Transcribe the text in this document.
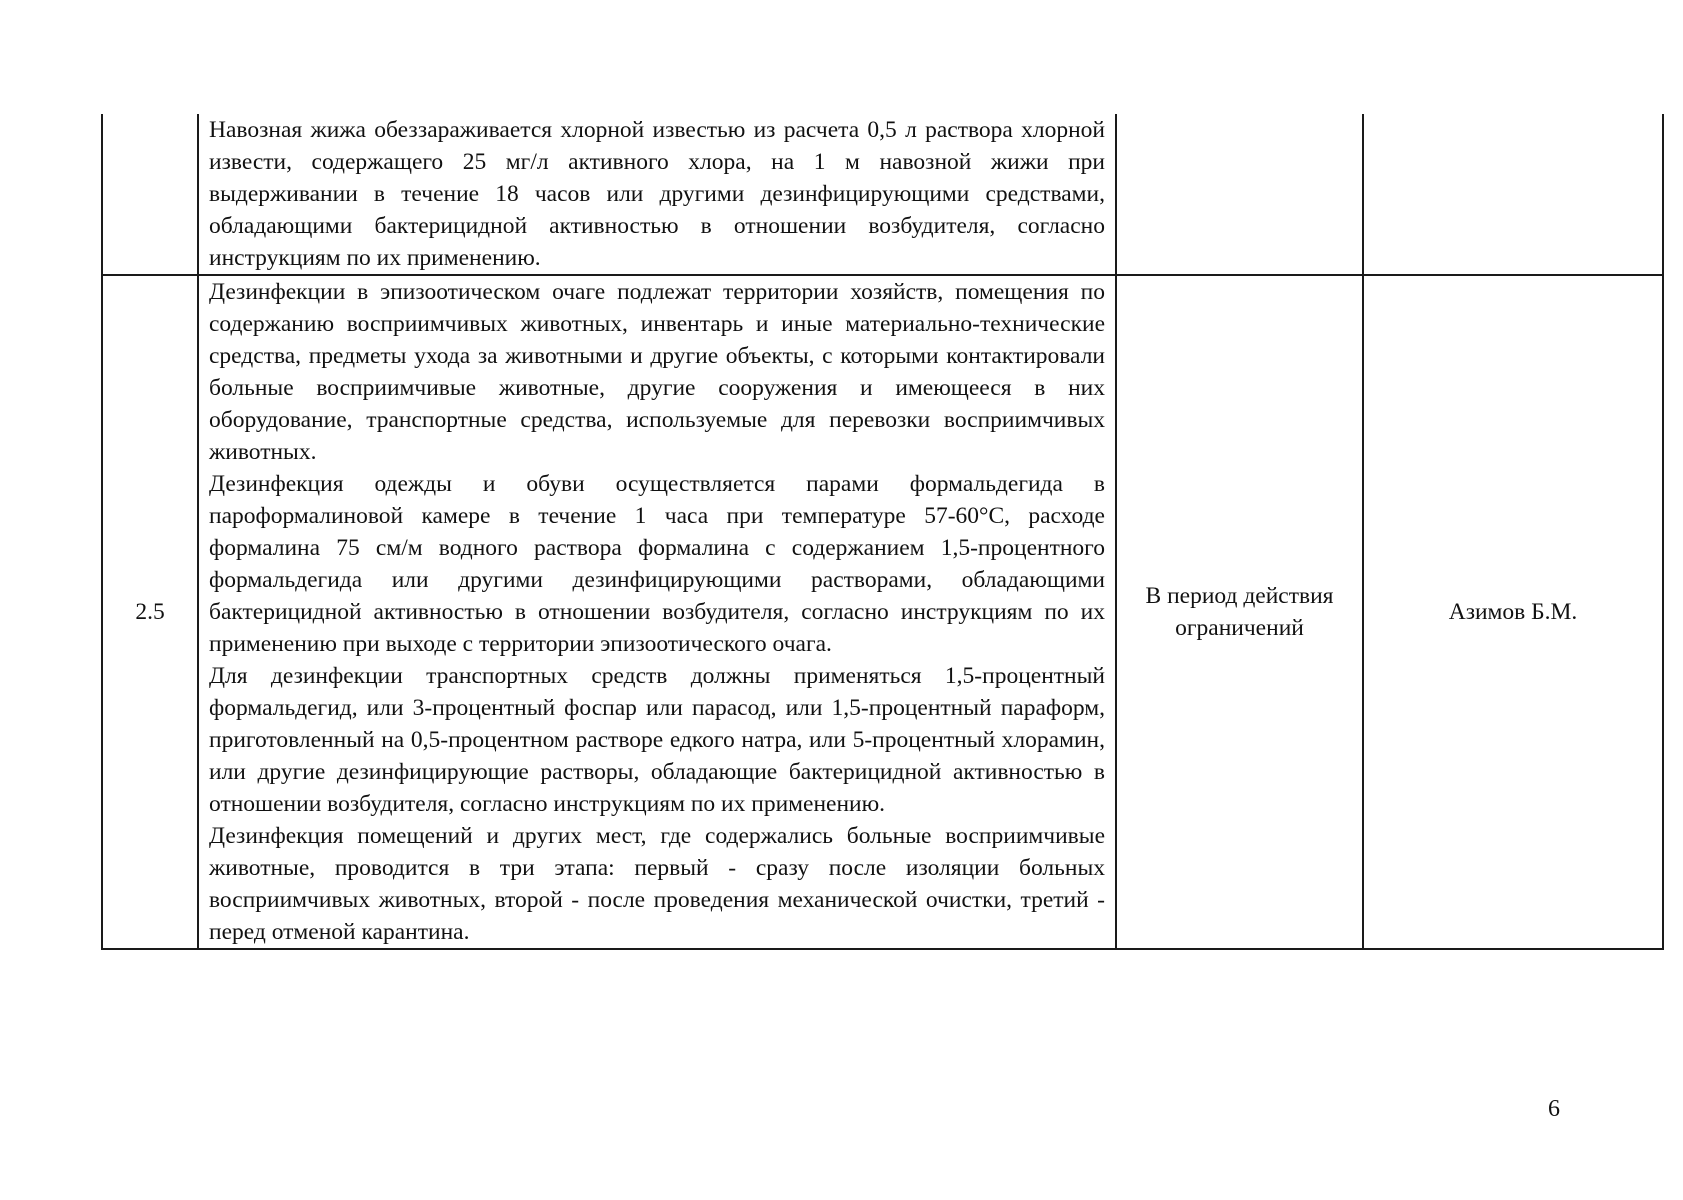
	Навозная жижа обеззараживается хлорной известью из расчета 0,5 л раствора хлорной извести, содержащего 25 мг/л активного хлора, на 1 м навозной жижи при выдерживании в течение 18 часов или другими дезинфицирующими средствами, обладающими бактерицидной активностью в отношении возбудителя, согласно инструкциям по их применению.		

2.5	Дезинфекции в эпизоотическом очаге подлежат территории хозяйств, помещения по содержанию восприимчивых животных, инвентарь и иные материально-технические средства, предметы ухода за животными и другие объекты, с которыми контактировали больные восприимчивые животные, другие сооружения и имеющееся в них оборудование, транспортные средства, используемые для перевозки восприимчивых животных.

Дезинфекция одежды и обуви осуществляется парами формальдегида в пароформалиновой камере в течение 1 часа при температуре 57-60°С, расходе формалина 75 см/м водного раствора формалина с содержанием 1,5-процентного формальдегида или другими дезинфицирующими растворами, обладающими бактерицидной активностью в отношении возбудителя, согласно инструкциям по их применению при выходе с территории эпизоотического очага.

Для дезинфекции транспортных средств должны применяться 1,5-процентный формальдегид, или 3-процентный фоспар или парасод, или 1,5-процентный параформ, приготовленный на 0,5-процентном растворе едкого натра, или 5-процентный хлорамин, или другие дезинфицирующие растворы, обладающие бактерицидной активностью в отношении возбудителя, согласно инструкциям по их применению.

Дезинфекция помещений и других мест, где содержались больные восприимчивые животные, проводится в три этапа: первый - сразу после изоляции больных восприимчивых животных, второй - после проведения механической очистки, третий - перед отменой карантина.	В период действия ограничений	Азимов Б.М.
6
